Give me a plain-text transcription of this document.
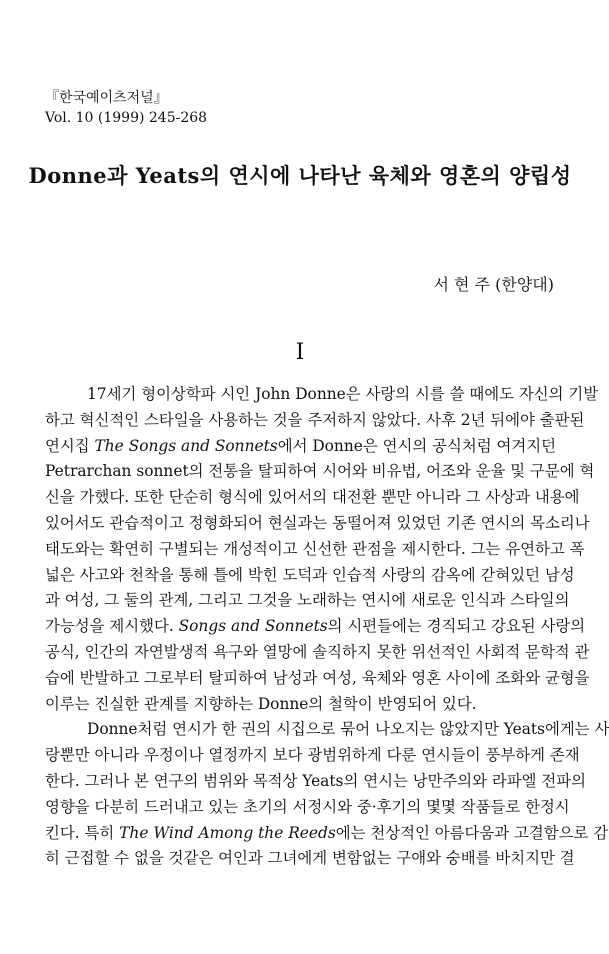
『한국예이츠저널』
Vol. 10 (1999) 245-268
Donne과 Yeats의 연시에 나타난 육체와 영혼의 양립성
서 현 주 (한양대)
I
17세기 형이상학파 시인 John Donne은 사랑의 시를 쓸 때에도 자신의 기발
하고 혁신적인 스타일을 사용하는 것을 주저하지 않았다. 사후 2년 뒤에야 출판된
연시집 The Songs and Sonnets에서 Donne은 연시의 공식처럼 여겨지던
Petrarchan sonnet의 전통을 탈피하여 시어와 비유법, 어조와 운율 및 구문에 혁
신을 가했다. 또한 단순히 형식에 있어서의 대전환 뿐만 아니라 그 사상과 내용에
있어서도 관습적이고 정형화되어 현실과는 동떨어져 있었던 기존 연시의 목소리나
태도와는 확연히 구별되는 개성적이고 신선한 관점을 제시한다. 그는 유연하고 폭
넓은 사고와 천착을 통해 틀에 박힌 도덕과 인습적 사랑의 감옥에 갇혀있던 남성
과 여성, 그 둘의 관계, 그리고 그것을 노래하는 연시에 새로운 인식과 스타일의
가능성을 제시했다. Songs and Sonnets의 시편들에는 경직되고 강요된 사랑의
공식, 인간의 자연발생적 욕구와 열망에 솔직하지 못한 위선적인 사회적 문학적 관
습에 반발하고 그로부터 탈피하여 남성과 여성, 육체와 영혼 사이에 조화와 균형을
이루는 진실한 관계를 지향하는 Donne의 철학이 반영되어 있다.
Donne처럼 연시가 한 권의 시집으로 묶어 나오지는 않았지만 Yeats에게는 사
랑뿐만 아니라 우정이나 열정까지 보다 광범위하게 다룬 연시들이 풍부하게 존재
한다. 그러나 본 연구의 범위와 목적상 Yeats의 연시는 낭만주의와 라파엘 전파의
영향을 다분히 드러내고 있는 초기의 서정시와 중·후기의 몇몇 작품들로 한정시
킨다. 특히 The Wind Among the Reeds에는 천상적인 아름다움과 고결함으로 감
히 근접할 수 없을 것같은 여인과 그녀에게 변함없는 구애와 숭배를 바치지만 결
